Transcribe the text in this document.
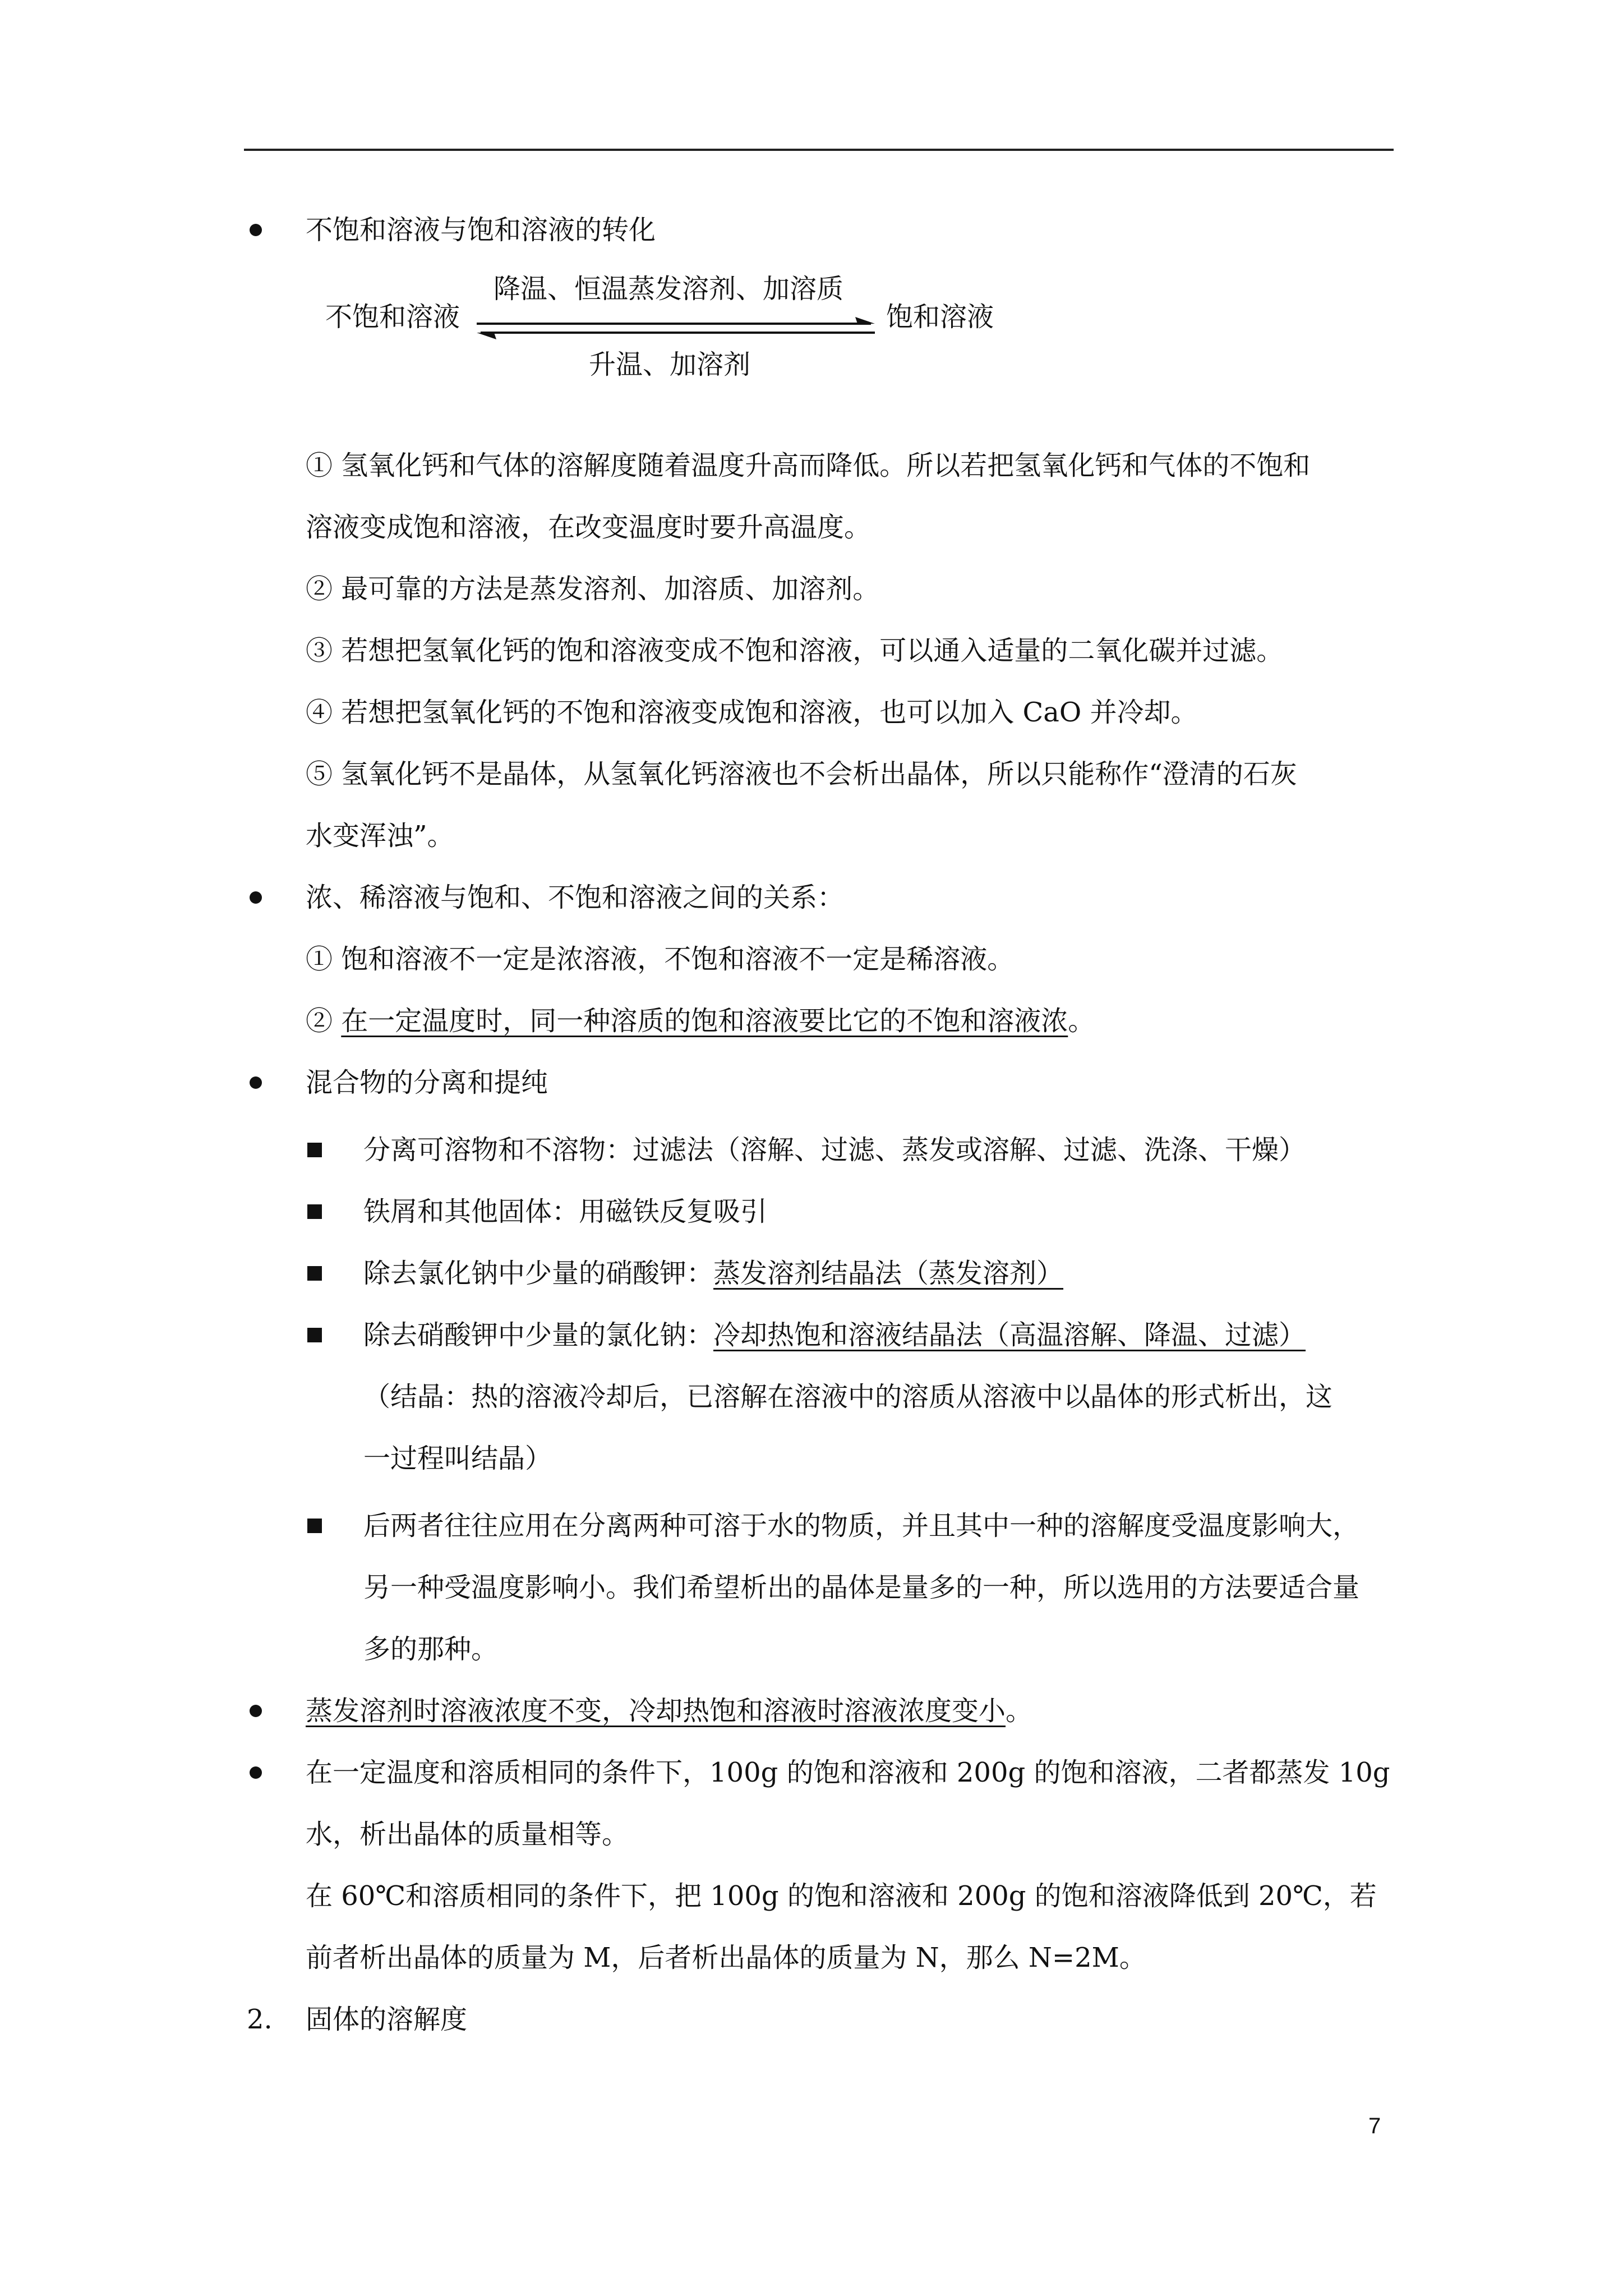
不饱和溶液与饱和溶液的转化
不饱和溶液
降温、恒温蒸发溶剂、加溶质
饱和溶液
升温、加溶剂
① 氢氧化钙和气体的溶解度随着温度升高而降低。所以若把氢氧化钙和气体的不饱和
溶液变成饱和溶液，在改变温度时要升高温度。
② 最可靠的方法是蒸发溶剂、加溶质、加溶剂。
③ 若想把氢氧化钙的饱和溶液变成不饱和溶液，可以通入适量的二氧化碳并过滤。
④ 若想把氢氧化钙的不饱和溶液变成饱和溶液，也可以加入 CaO 并冷却。
⑤ 氢氧化钙不是晶体，从氢氧化钙溶液也不会析出晶体，所以只能称作“澄清的石灰
水变浑浊”。
浓、稀溶液与饱和、不饱和溶液之间的关系：
① 饱和溶液不一定是浓溶液，不饱和溶液不一定是稀溶液。
② 在一定温度时，同一种溶质的饱和溶液要比它的不饱和溶液浓。
混合物的分离和提纯
分离可溶物和不溶物：过滤法（溶解、过滤、蒸发或溶解、过滤、洗涤、干燥）
铁屑和其他固体：用磁铁反复吸引
除去氯化钠中少量的硝酸钾：蒸发溶剂结晶法（蒸发溶剂）
除去硝酸钾中少量的氯化钠：冷却热饱和溶液结晶法（高温溶解、降温、过滤）
（结晶：热的溶液冷却后，已溶解在溶液中的溶质从溶液中以晶体的形式析出，这
一过程叫结晶）
后两者往往应用在分离两种可溶于水的物质，并且其中一种的溶解度受温度影响大，
另一种受温度影响小。我们希望析出的晶体是量多的一种，所以选用的方法要适合量
多的那种。
蒸发溶剂时溶液浓度不变，冷却热饱和溶液时溶液浓度变小。
在一定温度和溶质相同的条件下，100g 的饱和溶液和 200g 的饱和溶液，二者都蒸发 10g
水，析出晶体的质量相等。
在 60℃和溶质相同的条件下，把 100g 的饱和溶液和 200g 的饱和溶液降低到 20℃，若
前者析出晶体的质量为 M，后者析出晶体的质量为 N，那么 N=2M。
2. 固体的溶解度
7
